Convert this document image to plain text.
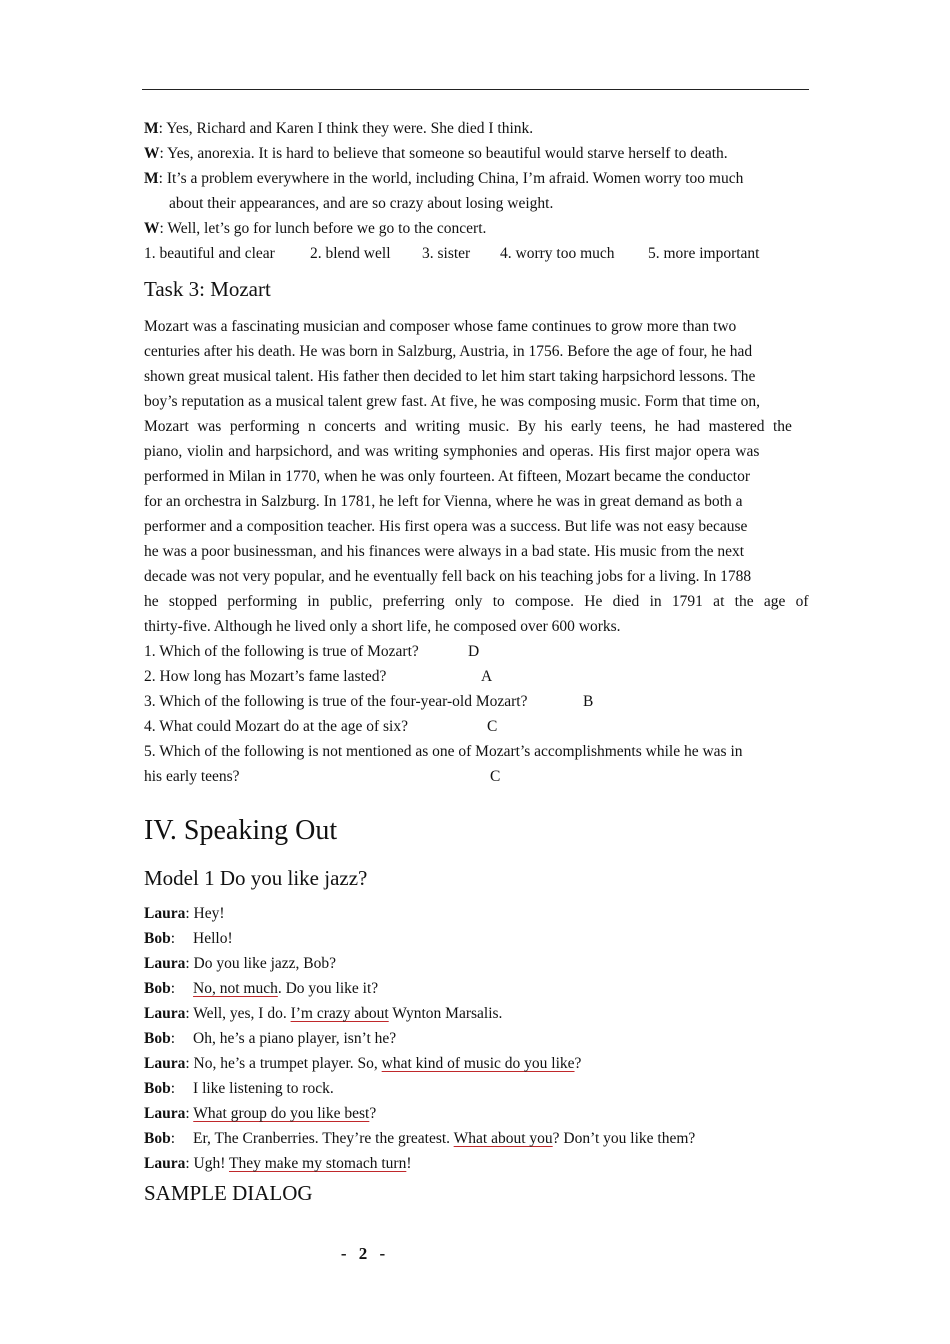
M: Yes, Richard and Karen I think they were. She died I think.

W: Yes, anorexia. It is hard to believe that someone so beautiful would starve herself to death.

M: It’s a problem everywhere in the world, including China, I’m afraid. Women worry too much

about their appearances, and are so crazy about losing weight.

W: Well, let’s go for lunch before we go to the concert.

1. beautiful and clear 2. blend well 3. sister 4. worry too much 5. more important

Task 3: Mozart

Mozart was a fascinating musician and composer whose fame continues to grow more than two

centuries after his death. He was born in Salzburg, Austria, in 1756. Before the age of four, he had

shown great musical talent. His father then decided to let him start taking harpsichord lessons. The

boy’s reputation as a musical talent grew fast. At five, he was composing music. Form that time on,

Mozart was performing n concerts and writing music. By his early teens, he had mastered the

piano, violin and harpsichord, and was writing symphonies and operas. His first major opera was

performed in Milan in 1770, when he was only fourteen. At fifteen, Mozart became the conductor

for an orchestra in Salzburg. In 1781, he left for Vienna, where he was in great demand as both a

performer and a composition teacher. His first opera was a success. But life was not easy because

he was a poor businessman, and his finances were always in a bad state. His music from the next

decade was not very popular, and he eventually fell back on his teaching jobs for a living. In 1788

he stopped performing in public, preferring only to compose. He died in 1791 at the age of

thirty-five. Although he lived only a short life, he composed over 600 works.

1. Which of the following is true of Mozart?	D

2. How long has Mozart’s fame lasted?	A

3. Which of the following is true of the four-year-old Mozart?	B

4. What could Mozart do at the age of six?	C

5. Which of the following is not mentioned as one of Mozart’s accomplishments while he was in

his early teens?	C

IV. Speaking Out
Model 1 Do you like jazz?

Laura: Hey!

Bob: Hello!

Laura: Do you like jazz, Bob?

Bob: No, not much. Do you like it?

Laura: Well, yes, I do. I’m crazy about Wynton Marsalis.

Bob: Oh, he’s a piano player, isn’t he?

Laura: No, he’s a trumpet player. So, what kind of music do you like?

Bob: I like listening to rock.

Laura: What group do you like best?

Bob: Er, The Cranberries. They’re the greatest. What about you? Don’t you like them?

Laura: Ugh! They make my stomach turn!

SAMPLE DIALOG
- 2 -
